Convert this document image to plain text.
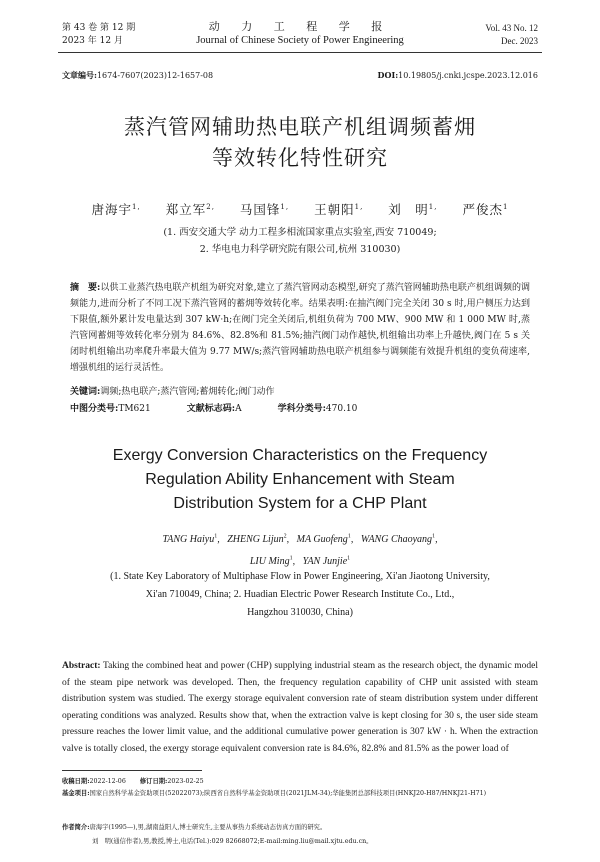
第 43 卷 第 12 期
2023 年 12 月
动 力 工 程 学 报
Journal of Chinese Society of Power Engineering
Vol. 43 No. 12
Dec. 2023
文章编号:1674-7607(2023)12-1657-08	DOI:10.19805/j.cnki.jcspe.2023.12.016
蒸汽管网辅助热电联产机组调频蓄㶲
等效转化特性研究
唐海宇$^{1,}$ 郑立军$^{2,}$ 马国锋$^{1,}$ 王朝阳$^{1,}$ 刘　明$^{1,}$ 严俊杰$^1$
(1. 西安交通大学 动力工程多相流国家重点实验室,西安 710049;
2. 华电电力科学研究院有限公司,杭州 310030)
摘　要:以供工业蒸汽热电联产机组为研究对象,建立了蒸汽管网动态模型,研究了蒸汽管网辅助热电联产机组调频的调频能力,进而分析了不同工况下蒸汽管网的蓄㶲等效转化率。结果表明:在抽汽阀门完全关闭 30 s 时,用户侧压力达到下限值,额外累计发电量达到 307 kW·h;在阀门完全关闭后,机组负荷为 700 MW、900 MW 和 1 000 MW 时,蒸汽管网蓄㶲等效转化率分别为 84.6%、82.8%和 81.5%;抽汽阀门动作越快,机组输出功率上升越快,阀门在 5 s 关闭时机组输出功率爬升率最大值为 9.77 MW/s;蒸汽管网辅助热电联产机组参与调频能有效提升机组的变负荷速率,增强机组的运行灵活性。
关键词:调频;热电联产;蒸汽管网;蓄㶲转化;阀门动作
中图分类号:TM621	文献标志码:A	学科分类号:470.10
Exergy Conversion Characteristics on the Frequency
Regulation Ability Enhancement with Steam
Distribution System for a CHP Plant
TANG Haiyu$^1$, ZHENG Lijun$^2$, MA Guofeng$^1$, WANG Chaoyang$^1$,
LIU Ming$^1$, YAN Junjie$^1$
(1. State Key Laboratory of Multiphase Flow in Power Engineering, Xi'an Jiaotong University,
Xi'an 710049, China; 2. Huadian Electric Power Research Institute Co., Ltd.,
Hangzhou 310030, China)
Abstract: Taking the combined heat and power (CHP) supplying industrial steam as the research object, the dynamic model of the steam pipe network was developed. Then, the frequency regulation capability of CHP unit assisted with steam distribution system was studied. The exergy storage equivalent conversion rate of steam distribution system under different operating conditions was analyzed. Results show that, when the extraction valve is kept closing for 30 s, the user side steam pressure reaches the lower limit value, and the additional cumulative power generation is 307 kW · h. When the extraction valve is totally closed, the exergy storage equivalent conversion rate is 84.6%, 82.8% and 81.5% as the power load of
收稿日期:2022-12-06 修订日期:2023-02-25
基金项目:国家自然科学基金资助项目(52022073);陕西省自然科学基金资助项目(2021JLM-34);华能集团总部科技项目(HNKJ20-H87/HNKJ21-H71)
作者简介:唐海宇(1995—),男,湖南益阳人,博士研究生,主要从事热力系统动态仿真方面的研究。
刘　明(通信作者),男,教授,博士,电话(Tel.):029 82668072;E-mail:ming.liu@mail.xjtu.edu.cn。
